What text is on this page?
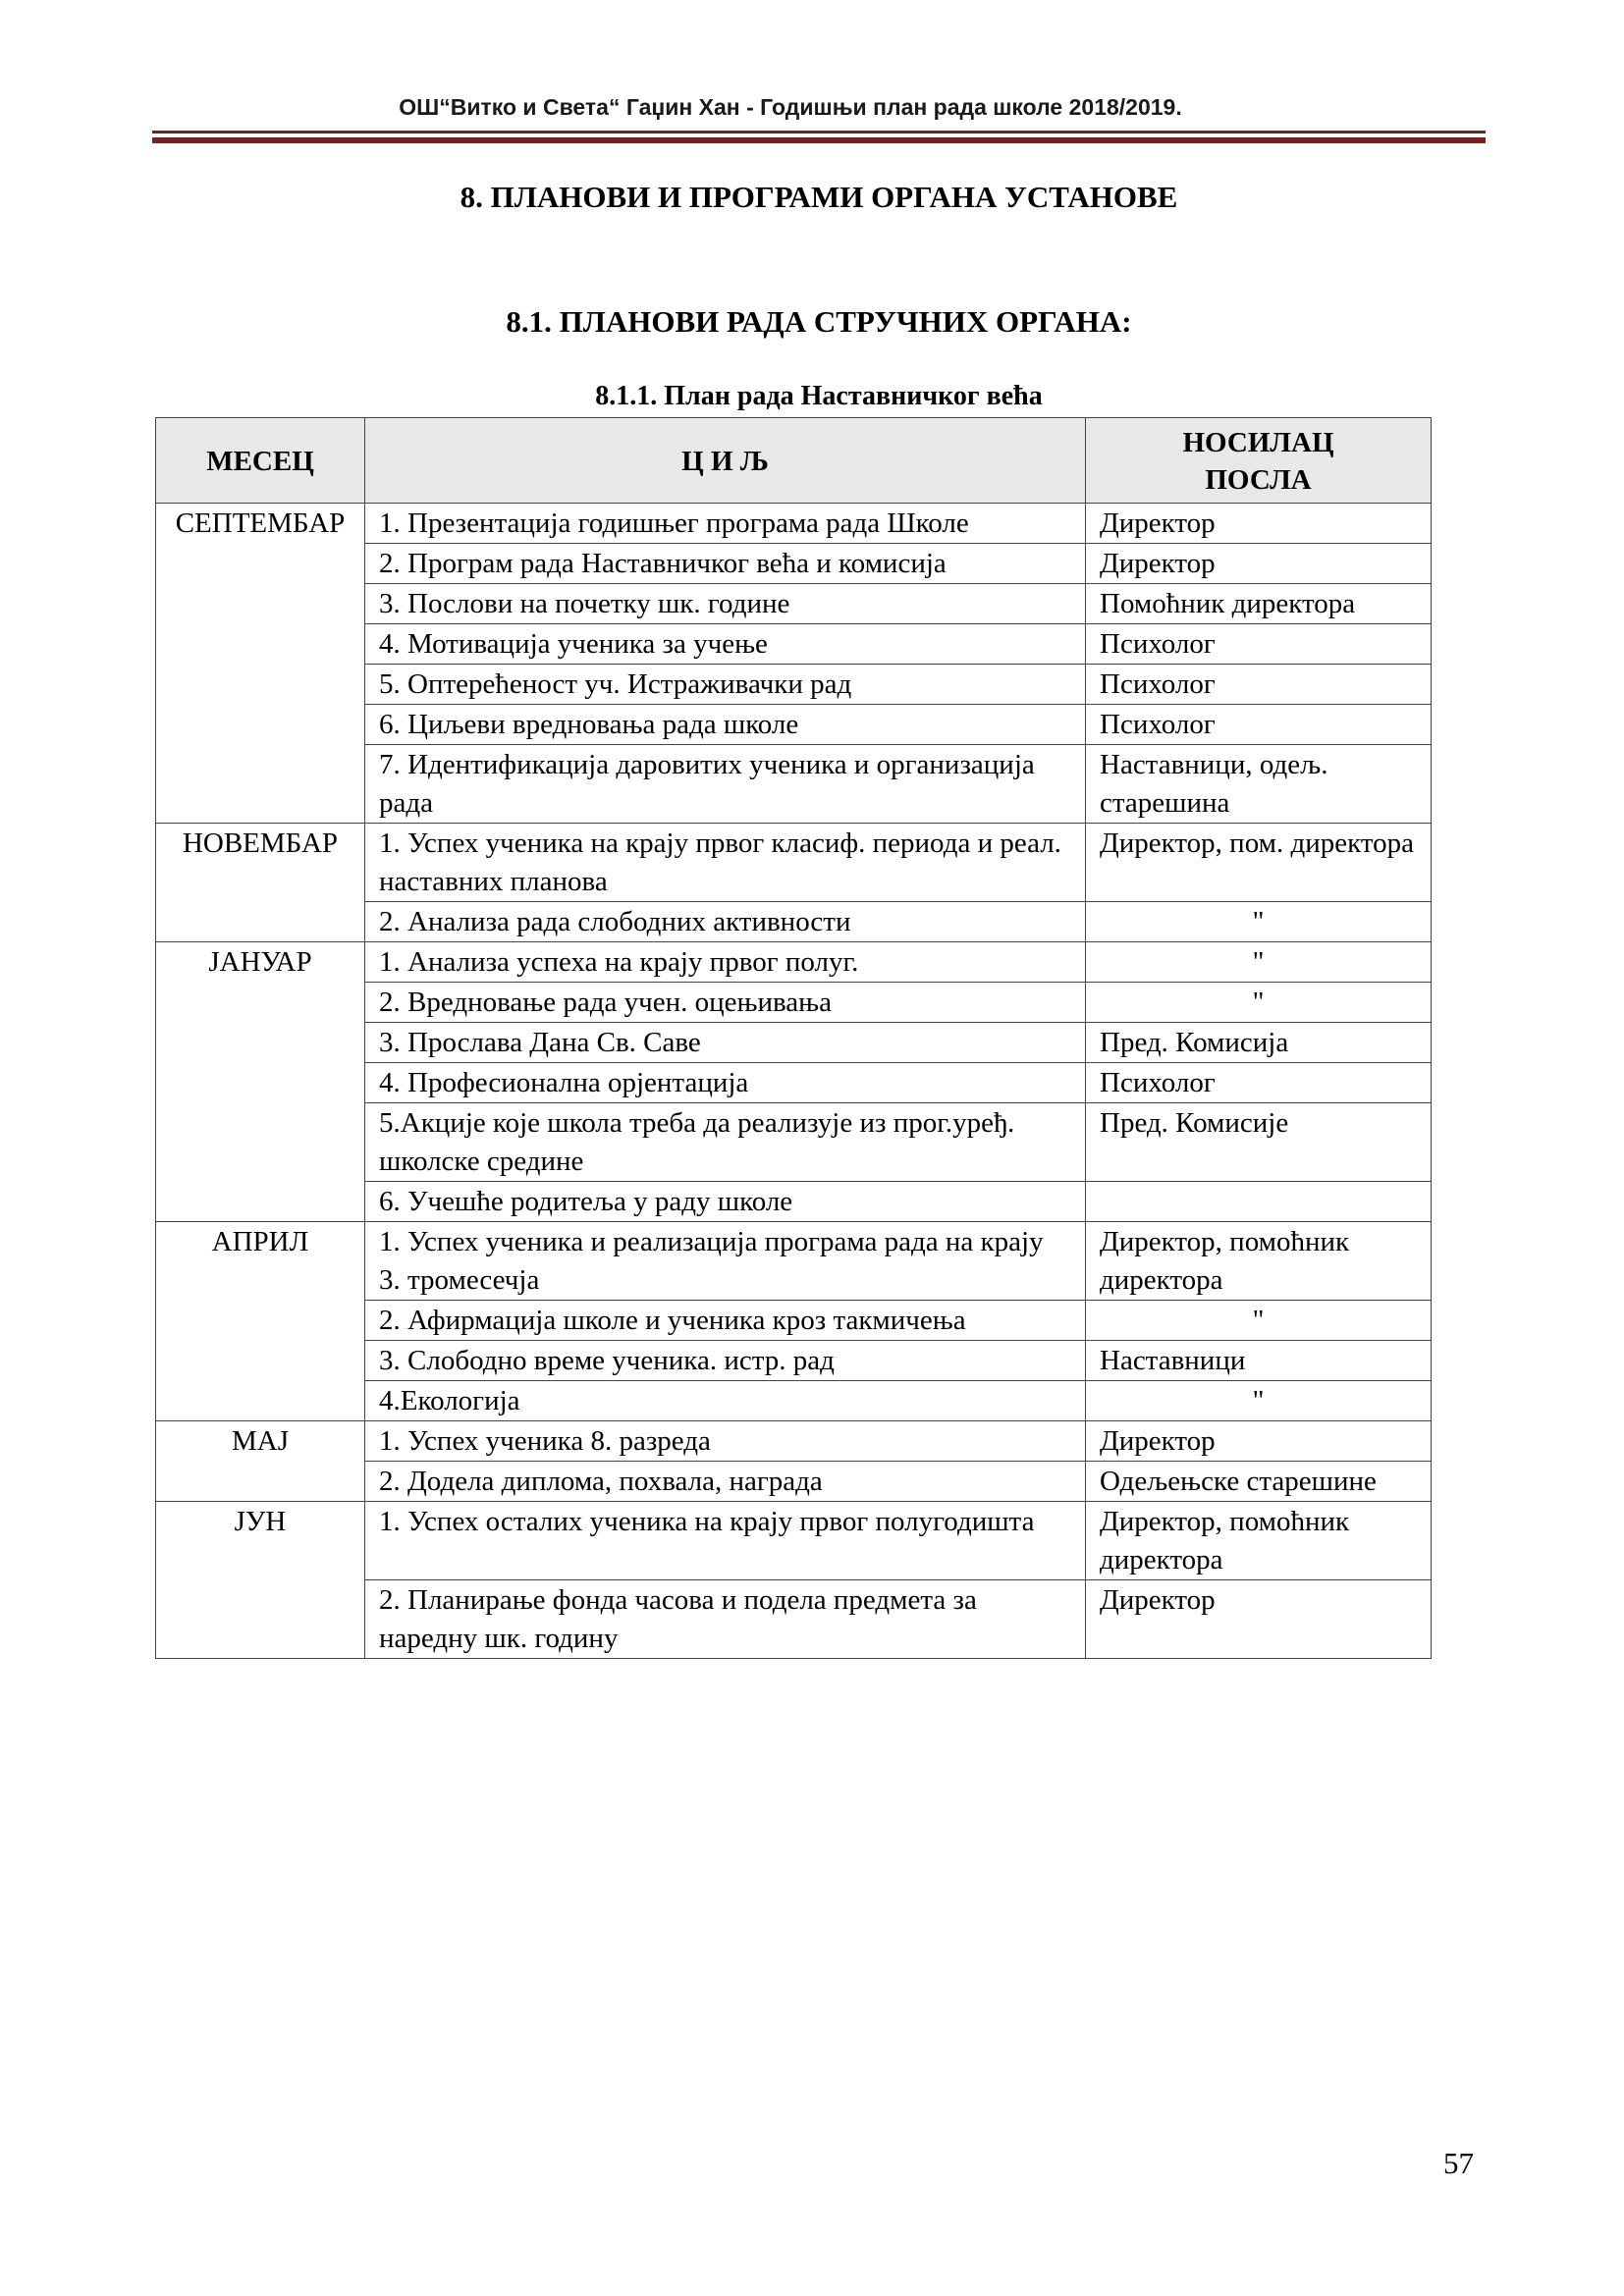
ОШ“Витко и Света“ Гаџин Хан - Годишњи план рада школе 2018/2019.
8. ПЛАНОВИ И ПРОГРАМИ ОРГАНА УСТАНОВЕ
8.1. ПЛАНОВИ РАДА СТРУЧНИХ ОРГАНА:
8.1.1. План рада Наставничког већа
МЕСЕЦ	Ц И Љ	НОСИЛАЦ ПОСЛА
СЕПТЕМБАР	1. Презентација годишњег програма рада Школе	Директор
	2. Програм рада Наставничког већа и комисија	Директор
	3. Послови на почетку шк. године	Помоћник директора
	4. Мотивација ученика за учење	Психолог
	5. Оптерећеност уч. Истраживачки рад	Психолог
	6. Циљеви вредновања рада школе	Психолог
	7. Идентификација даровитих ученика и организација рада	Наставници, одељ. старешина
НОВЕМБАР	1. Успех ученика на крају првог класиф. периода и реал. наставних планова	Директор, пом. директора
	2. Анализа рада слободних активности	"
ЈАНУАР	1. Анализа успеха на крају првог полуг.	"
	2. Вредновање рада учен. оцењивања	"
	3. Прослава Дана Св. Саве	Пред. Комисија
	4. Професионална орјентација	Психолог
	5.Акције које школа треба да реализује из прог.уређ. школске средине	Пред. Комисије
	6. Учешће родитеља у раду школе	
АПРИЛ	1. Успех ученика и реализација програма рада на крају 3. тромесечја	Директор, помоћник директора
	2. Афирмација школе и ученика кроз такмичења	"
	3. Слободно време ученика. истр. рад	Наставници
	4.Екологија	"
МАЈ	1. Успех ученика 8. разреда	Директор
	2. Додела диплома, похвала, награда	Одељењске старешине
ЈУН	1. Успех осталих ученика на крају првог полугодишта	Директор, помоћник директора
	2. Планирање фонда часова и подела предмета за наредну шк. годину	Директор
57
